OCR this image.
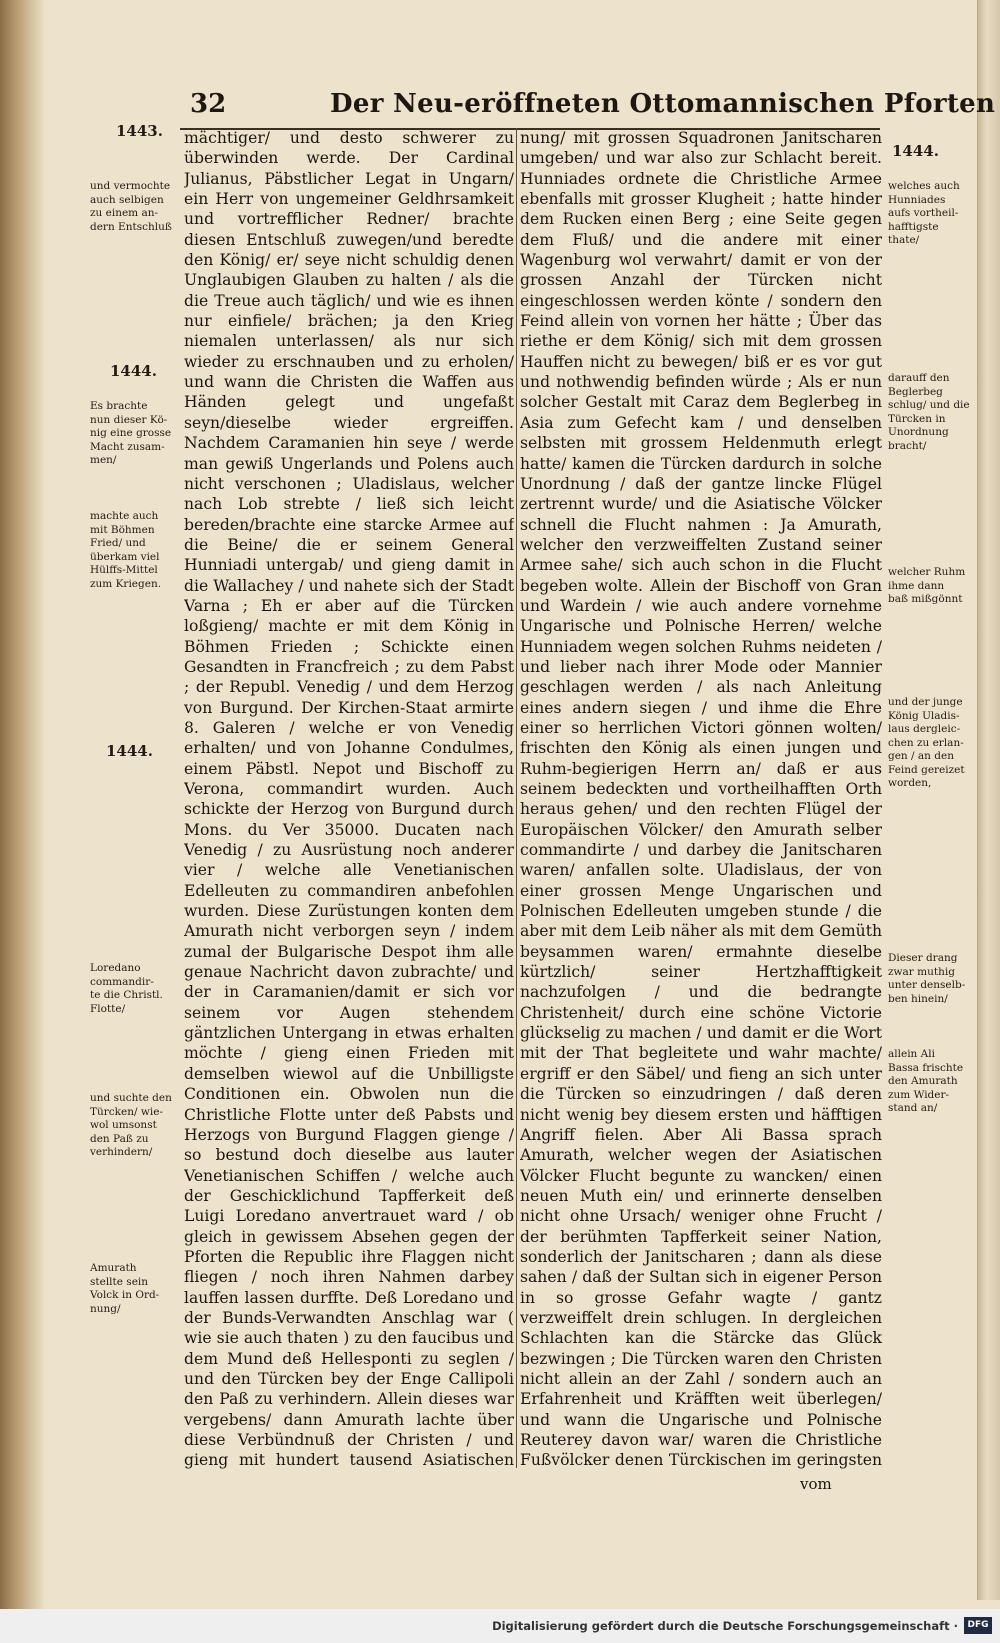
32	Der Neu-eröffneten Ottomannischen Pforten
1443.
1444.
1444.
1444.
und vermochte
auch selbigen
zu einem an-
dern Entschluß
Es brachte
nun dieser Kö-
nig eine grosse
Macht zusam-
men/
machte auch
mit Böhmen
Fried/ und
überkam viel
Hülffs-Mittel
zum Kriegen.
Loredano
commandir-
te die Christl.
Flotte/
und suchte den
Türcken/ wie-
wol umsonst
den Paß zu
verhindern/
Amurath
stellte sein
Volck in Ord-
nung/
welches auch
Hunniades
aufs vortheil-
hafftigste
thate/
darauff den
Beglerbeg
schlug/ und die
Türcken in
Unordnung
bracht/
welcher Ruhm
ihme dann
baß mißgönnt
und der junge
König Uladis-
laus dergleic-
chen zu erlan-
gen / an den
Feind gereizet
worden,
Dieser drang
zwar muthig
unter denselb-
ben hinein/
allein Ali
Bassa frischte
den Amurath
zum Wider-
stand an/

mächtiger/ und desto schwerer zu überwinden werde. Der Cardinal Julianus, Päbstlicher Legat in Ungarn/ ein Herr von ungemeiner Geldhrsamkeit und vortrefflicher Redner/ brachte diesen Entschluß zuwegen/und beredte den König/ er/ seye nicht schuldig denen Unglaubigen Glauben zu halten / als die die Treue auch täglich/ und wie es ihnen nur einfiele/ brächen; ja den Krieg niemalen unterlassen/ als nur sich wieder zu erschnauben und zu erholen/ und wann die Christen die Waffen aus Händen gelegt und ungefaßt seyn/dieselbe wieder ergreiffen. Nachdem Caramanien hin seye / werde man gewiß Ungerlands und Polens auch nicht verschonen ; Uladislaus, welcher nach Lob strebte / ließ sich leicht bereden/brachte eine starcke Armee auf die Beine/ die er seinem General Hunniadi untergab/ und gieng damit in die Wallachey / und nahete sich der Stadt Varna ; Eh er aber auf die Türcken loßgieng/ machte er mit dem König in Böhmen Frieden ; Schickte einen Gesandten in Francfreich ; zu dem Pabst ; der Republ. Venedig / und dem Herzog von Burgund. Der Kirchen-Staat armirte 8. Galeren / welche er von Venedig erhalten/ und von Johanne Condulmes, einem Päbstl. Nepot und Bischoff zu Verona, commandirt wurden. Auch schickte der Herzog von Burgund durch Mons. du Ver 35000. Ducaten nach Venedig / zu Ausrüstung noch anderer vier / welche alle Venetianischen Edelleuten zu commandiren anbefohlen wurden. Diese Zurüstungen konten dem Amurath nicht verborgen seyn / indem zumal der Bulgarische Despot ihm alle genaue Nachricht davon zubrachte/ und der in Caramanien/damit er sich vor seinem vor Augen stehendem gäntzlichen Untergang in etwas erhalten möchte / gieng einen Frieden mit demselben wiewol auf die Unbilligste Conditionen ein. Obwolen nun die Christliche Flotte unter deß Pabsts und Herzogs von Burgund Flaggen gienge / so bestund doch dieselbe aus lauter Venetianischen Schiffen / welche auch der Geschicklichund Tapfferkeit deß Luigi Loredano anvertrauet ward / ob gleich in gewissem Absehen gegen der Pforten die Republic ihre Flaggen nicht fliegen / noch ihren Nahmen darbey lauffen lassen durffte. Deß Loredano und der Bunds-Verwandten Anschlag war ( wie sie auch thaten ) zu den faucibus und dem Mund deß Hellesponti zu seglen / und den Türcken bey der Enge Callipoli den Paß zu verhindern. Allein dieses war vergebens/ dann Amurath lachte über diese Verbündnuß der Christen / und gieng mit hundert tausend Asiatischen

nung/ mit grossen Squadronen Janitscharen umgeben/ und war also zur Schlacht bereit. Hunniades ordnete die Christliche Armee ebenfalls mit grosser Klugheit ; hatte hinder dem Rucken einen Berg ; eine Seite gegen dem Fluß/ und die andere mit einer Wagenburg wol verwahrt/ damit er von der grossen Anzahl der Türcken nicht eingeschlossen werden könte / sondern den Feind allein von vornen her hätte ; Über das riethe er dem König/ sich mit dem grossen Hauffen nicht zu bewegen/ biß er es vor gut und nothwendig befinden würde ; Als er nun solcher Gestalt mit Caraz dem Beglerbeg in Asia zum Gefecht kam / und denselben selbsten mit grossem Heldenmuth erlegt hatte/ kamen die Türcken dardurch in solche Unordnung / daß der gantze lincke Flügel zertrennt wurde/ und die Asiatische Völcker schnell die Flucht nahmen : Ja Amurath, welcher den verzweiffelten Zustand seiner Armee sahe/ sich auch schon in die Flucht begeben wolte. Allein der Bischoff von Gran und Wardein / wie auch andere vornehme Ungarische und Polnische Herren/ welche Hunniadem wegen solchen Ruhms neideten / und lieber nach ihrer Mode oder Mannier geschlagen werden / als nach Anleitung eines andern siegen / und ihme die Ehre einer so herrlichen Victori gönnen wolten/ frischten den König als einen jungen und Ruhm-begierigen Herrn an/ daß er aus seinem bedeckten und vortheilhafften Orth heraus gehen/ und den rechten Flügel der Europäischen Völcker/ den Amurath selber commandirte / und darbey die Janitscharen waren/ anfallen solte. Uladislaus, der von einer grossen Menge Ungarischen und Polnischen Edelleuten umgeben stunde / die aber mit dem Leib näher als mit dem Gemüth beysammen waren/ ermahnte dieselbe kürtzlich/ seiner Hertzhafftigkeit nachzufolgen / und die bedrangte Christenheit/ durch eine schöne Victorie glückselig zu machen / und damit er die Wort mit der That begleitete und wahr machte/ ergriff er den Säbel/ und fieng an sich unter die Türcken so einzudringen / daß deren nicht wenig bey diesem ersten und häfftigen Angriff fielen. Aber Ali Bassa sprach Amurath, welcher wegen der Asiatischen Völcker Flucht begunte zu wancken/ einen neuen Muth ein/ und erinnerte denselben nicht ohne Ursach/ weniger ohne Frucht / der berühmten Tapfferkeit seiner Nation, sonderlich der Janitscharen ; dann als diese sahen / daß der Sultan sich in eigener Person in so grosse Gefahr wagte / gantz verzweiffelt drein schlugen. In dergleichen Schlachten kan die Stärcke das Glück bezwingen ; Die Türcken waren den Christen nicht allein an der Zahl / sondern auch an Erfahrenheit und Kräfften weit überlegen/ und wann die Ungarische und Polnische Reuterey davon war/ waren die Christliche Fußvölcker denen Türckischen im geringsten

vom
Digitalisierung gefördert durch die Deutsche Forschungsgemeinschaft ·	DFG
